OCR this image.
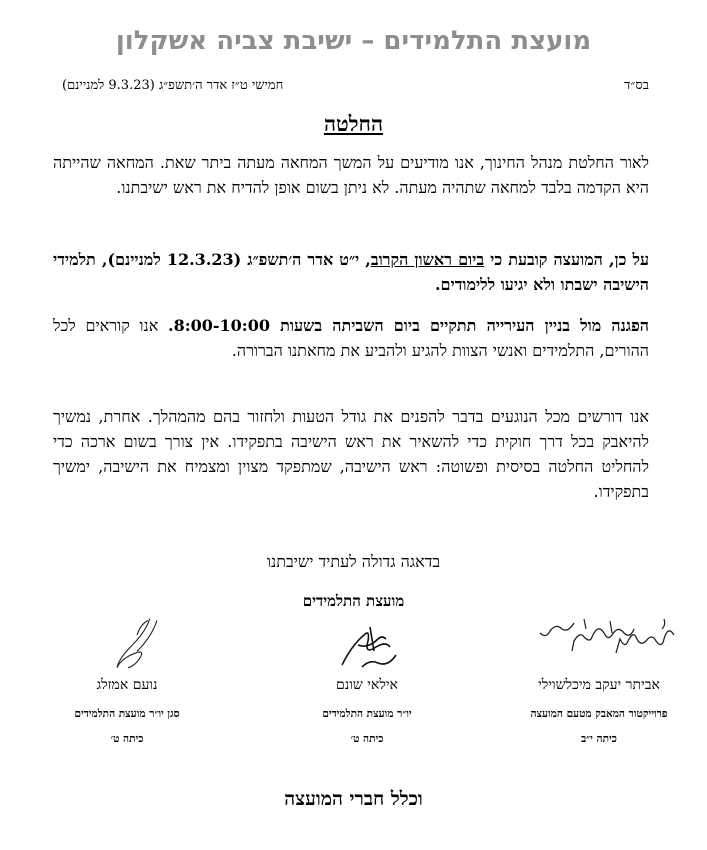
מועצת התלמידים – ישיבת צביה אשקלון
בס״ד
חמישי ט״ז אדר ה׳תשפ״ג (9.3.23 למניינם)
החלטה
לאור החלטת מנהל החינוך, אנו מודיעים על המשך המחאה מעתה ביתר שאת. המחאה שהייתה היא הקדמה בלבד למחאה שתהיה מעתה. לא ניתן בשום אופן להדיח את ראש ישיבתנו.
על כן, המועצה קובעת כי ביום ראשון הקרוב, י״ט אדר ה׳תשפ״ג (12.3.23 למניינם), תלמידי הישיבה ישבתו ולא יגיעו ללימודים.
הפגנה מול בניין העירייה תתקיים ביום השביתה בשעות 8:00-10:00. אנו קוראים לכל ההורים, התלמידים ואנשי הצוות להגיע ולהביע את מחאתנו הברורה.
אנו דורשים מכל הנוגעים בדבר להפנים את גודל הטעות ולחזור בהם מהמהלך. אחרת, נמשיך להיאבק בכל דרך חוקית כדי להשאיר את ראש הישיבה בתפקידו. אין צורך בשום ארכה כדי להחליט החלטה בסיסית ופשוטה: ראש הישיבה, שמתפקד מצוין ומצמיח את הישיבה, ימשיך בתפקידו.
בדאגה גדולה לעתיד ישיבתנו
מועצת התלמידים
אביתר יעקב מיכלשוילי
פרוייקטור המאבק מטעם המועצה
כיתה י״ב
אילאי שונם
יו״ר מועצת התלמידים
כיתה ט׳
נועם אמזלג
סגן יו״ר מועצת התלמידים
כיתה ט׳
וכלל חברי המועצה
